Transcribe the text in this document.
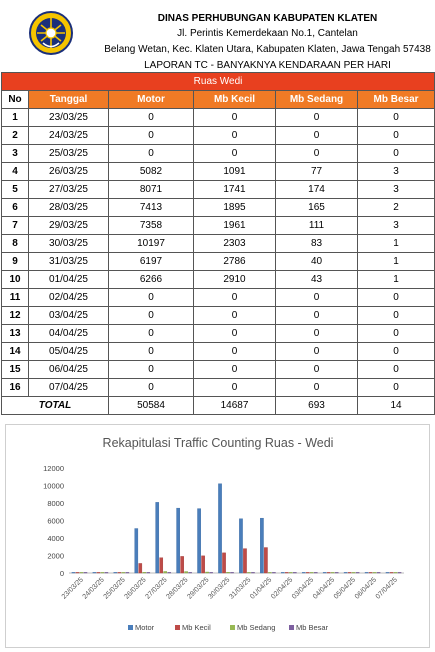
DINAS PERHUBUNGAN KABUPATEN KLATEN
Jl. Perintis Kemerdekaan No.1, Cantelan
Belang Wetan, Kec. Klaten Utara, Kabupaten Klaten, Jawa Tengah 57438
LAPORAN TC - BANYAKNYA KENDARAAN PER HARI
Ruas Wedi					
No	Tanggal	Motor	Mb Kecil	Mb Sedang	Mb Besar
1	23/03/25	0	0	0	0
2	24/03/25	0	0	0	0
3	25/03/25	0	0	0	0
4	26/03/25	5082	1091	77	3
5	27/03/25	8071	1741	174	3
6	28/03/25	7413	1895	165	2
7	29/03/25	7358	1961	111	3
8	30/03/25	10197	2303	83	1
9	31/03/25	6197	2786	40	1
10	01/04/25	6266	2910	43	1
11	02/04/25	0	0	0	0
12	03/04/25	0	0	0	0
13	04/04/25	0	0	0	0
14	05/04/25	0	0	0	0
15	06/04/25	0	0	0	0
16	07/04/25	0	0	0	0
TOTAL		50584	14687	693	14
Rekapitulasi Traffic Counting Ruas - Wedi
0
2000
4000
6000
8000
10000
12000
23/03/25
24/03/25
25/03/25
26/03/25
27/03/25
28/03/25
29/03/25
30/03/25
31/03/25
01/04/25
02/04/25
03/04/25
04/04/25
05/04/25
06/04/25
07/04/25
Motor	Mb Kecil	Mb Sedang	Mb Besar
